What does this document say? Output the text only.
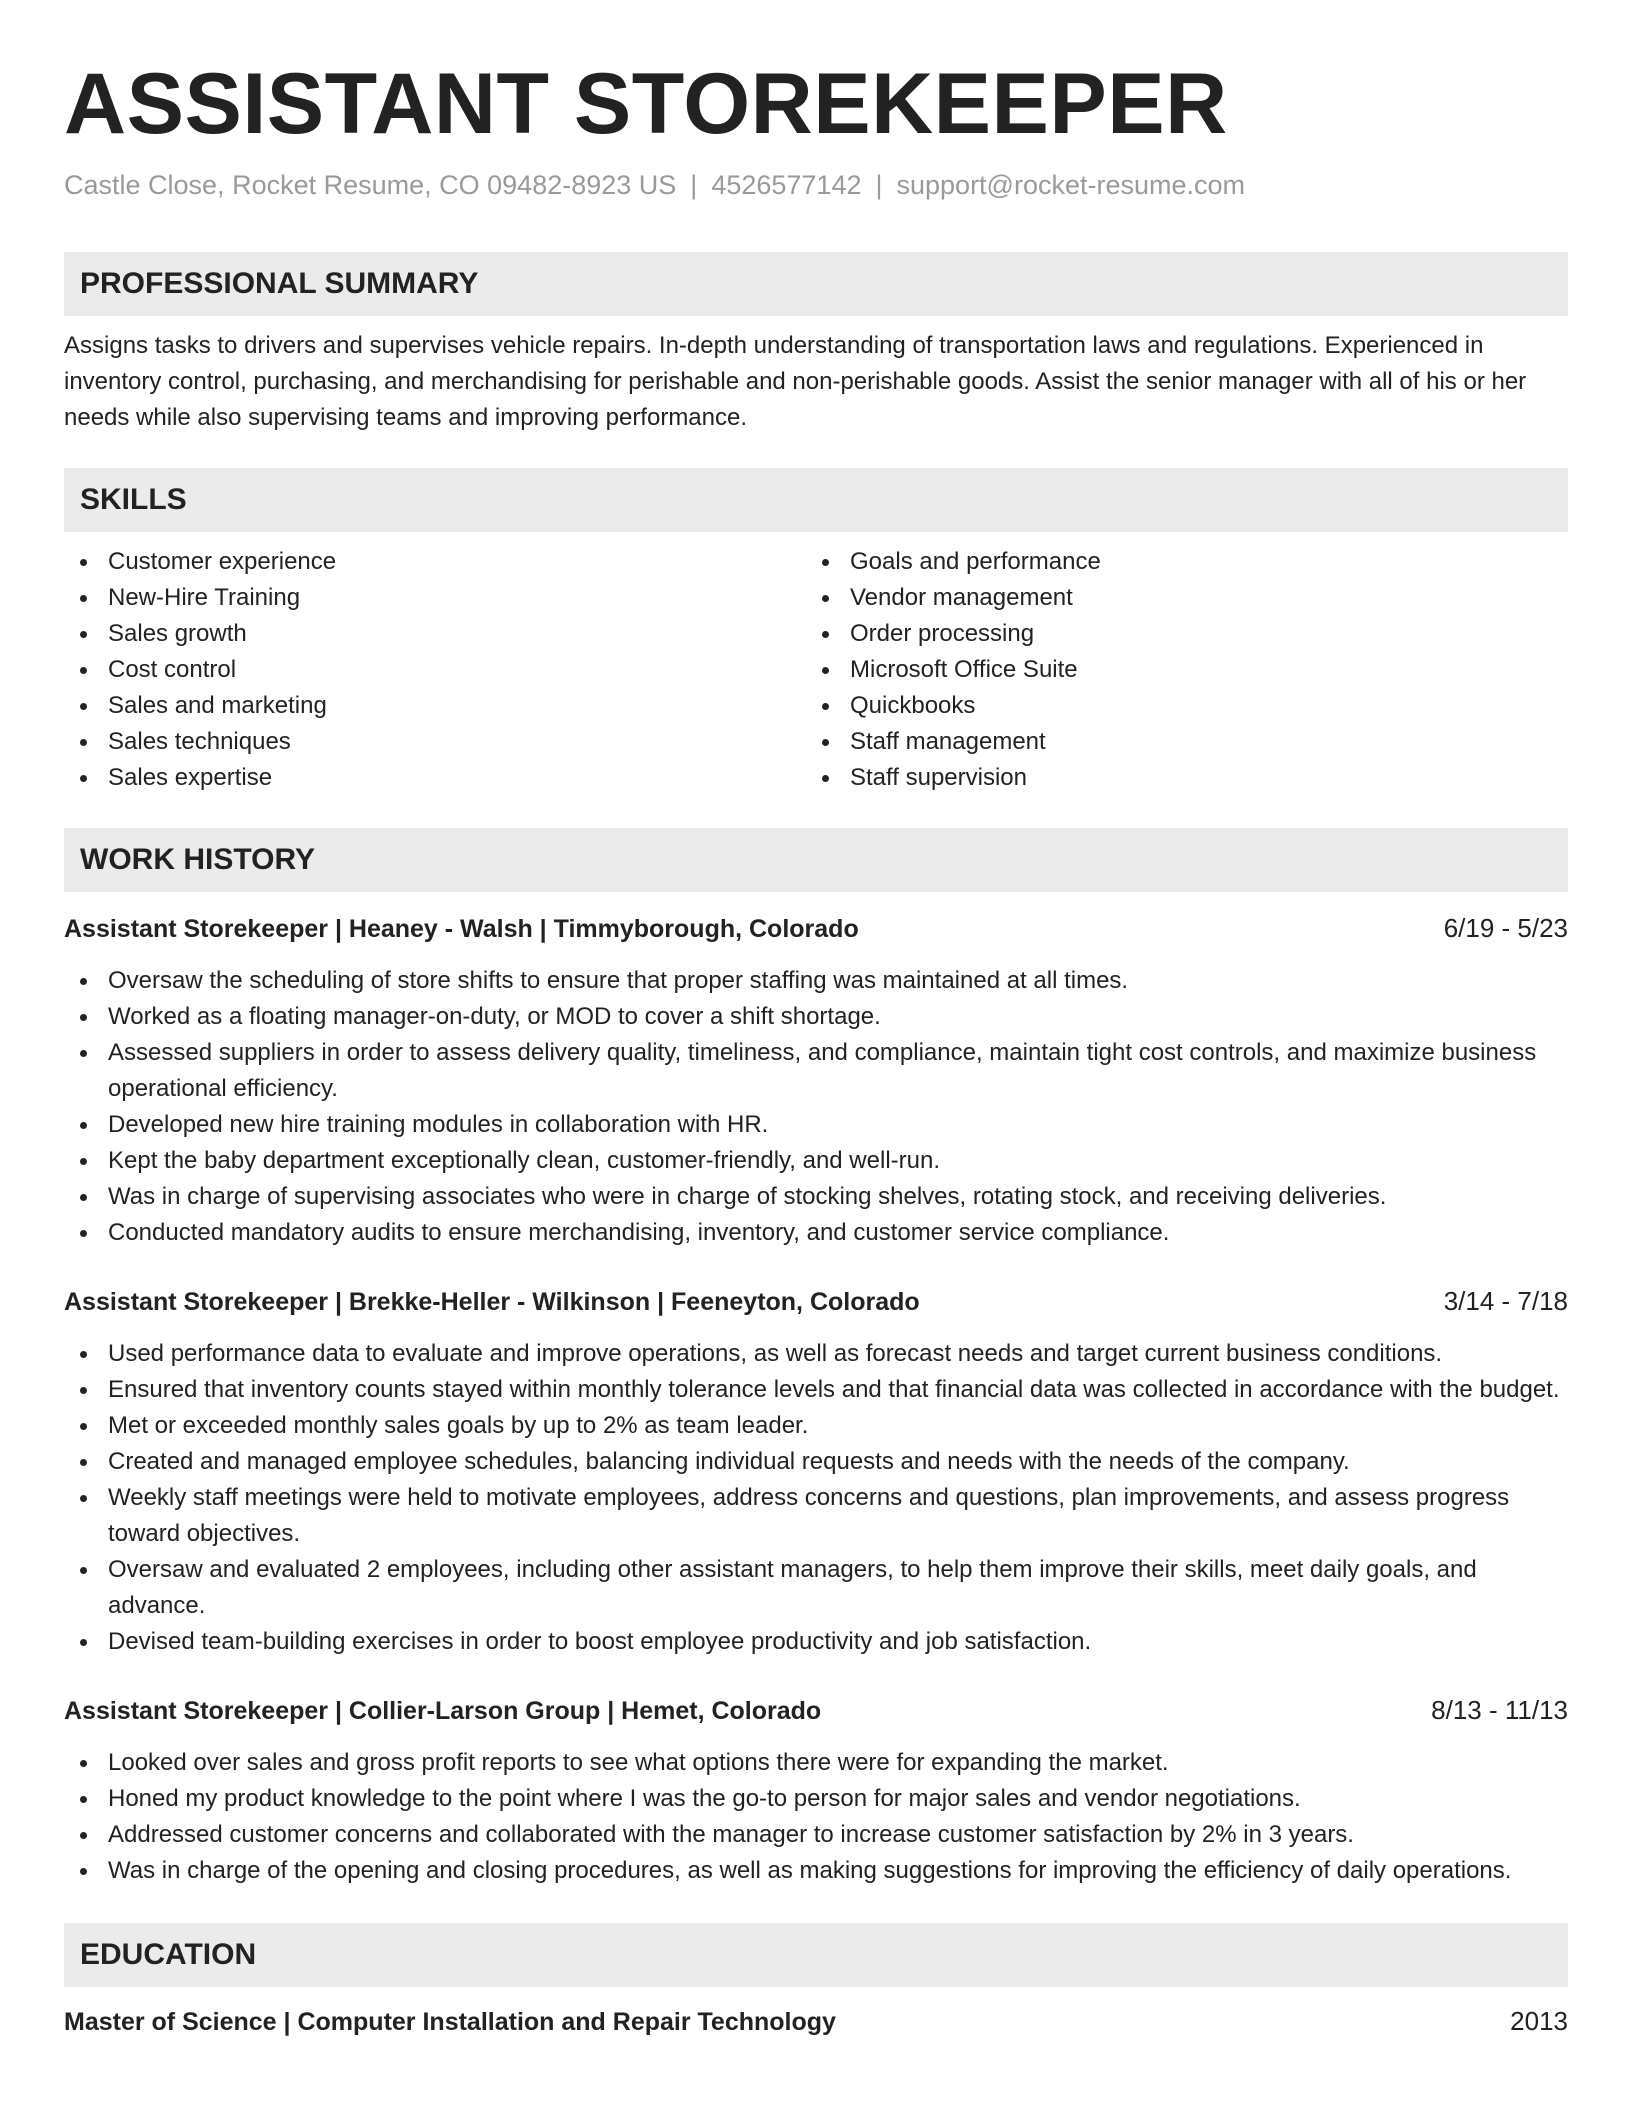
ASSISTANT STOREKEEPER
Castle Close, Rocket Resume, CO 09482-8923 US | 4526577142 | support@rocket-resume.com
PROFESSIONAL SUMMARY

Assigns tasks to drivers and supervises vehicle repairs. In-depth understanding of transportation laws and regulations. Experienced in inventory control, purchasing, and merchandising for perishable and non-perishable goods. Assist the senior manager with all of his or her needs while also supervising teams and improving performance.

SKILLS
Customer experience
New-Hire Training
Sales growth
Cost control
Sales and marketing
Sales techniques
Sales expertise
Goals and performance
Vendor management
Order processing
Microsoft Office Suite
Quickbooks
Staff management
Staff supervision
WORK HISTORY
Assistant Storekeeper | Heaney - Walsh | Timmyborough, Colorado	6/19 - 5/23
Oversaw the scheduling of store shifts to ensure that proper staffing was maintained at all times.
Worked as a floating manager-on-duty, or MOD to cover a shift shortage.
Assessed suppliers in order to assess delivery quality, timeliness, and compliance, maintain tight cost controls, and maximize business operational efficiency.
Developed new hire training modules in collaboration with HR.
Kept the baby department exceptionally clean, customer-friendly, and well-run.
Was in charge of supervising associates who were in charge of stocking shelves, rotating stock, and receiving deliveries.
Conducted mandatory audits to ensure merchandising, inventory, and customer service compliance.
Assistant Storekeeper | Brekke-Heller - Wilkinson | Feeneyton, Colorado	3/14 - 7/18
Used performance data to evaluate and improve operations, as well as forecast needs and target current business conditions.
Ensured that inventory counts stayed within monthly tolerance levels and that financial data was collected in accordance with the budget.
Met or exceeded monthly sales goals by up to 2% as team leader.
Created and managed employee schedules, balancing individual requests and needs with the needs of the company.
Weekly staff meetings were held to motivate employees, address concerns and questions, plan improvements, and assess progress toward objectives.
Oversaw and evaluated 2 employees, including other assistant managers, to help them improve their skills, meet daily goals, and advance.
Devised team-building exercises in order to boost employee productivity and job satisfaction.
Assistant Storekeeper | Collier-Larson Group | Hemet, Colorado	8/13 - 11/13
Looked over sales and gross profit reports to see what options there were for expanding the market.
Honed my product knowledge to the point where I was the go-to person for major sales and vendor negotiations.
Addressed customer concerns and collaborated with the manager to increase customer satisfaction by 2% in 3 years.
Was in charge of the opening and closing procedures, as well as making suggestions for improving the efficiency of daily operations.
EDUCATION
Master of Science | Computer Installation and Repair Technology	2013
